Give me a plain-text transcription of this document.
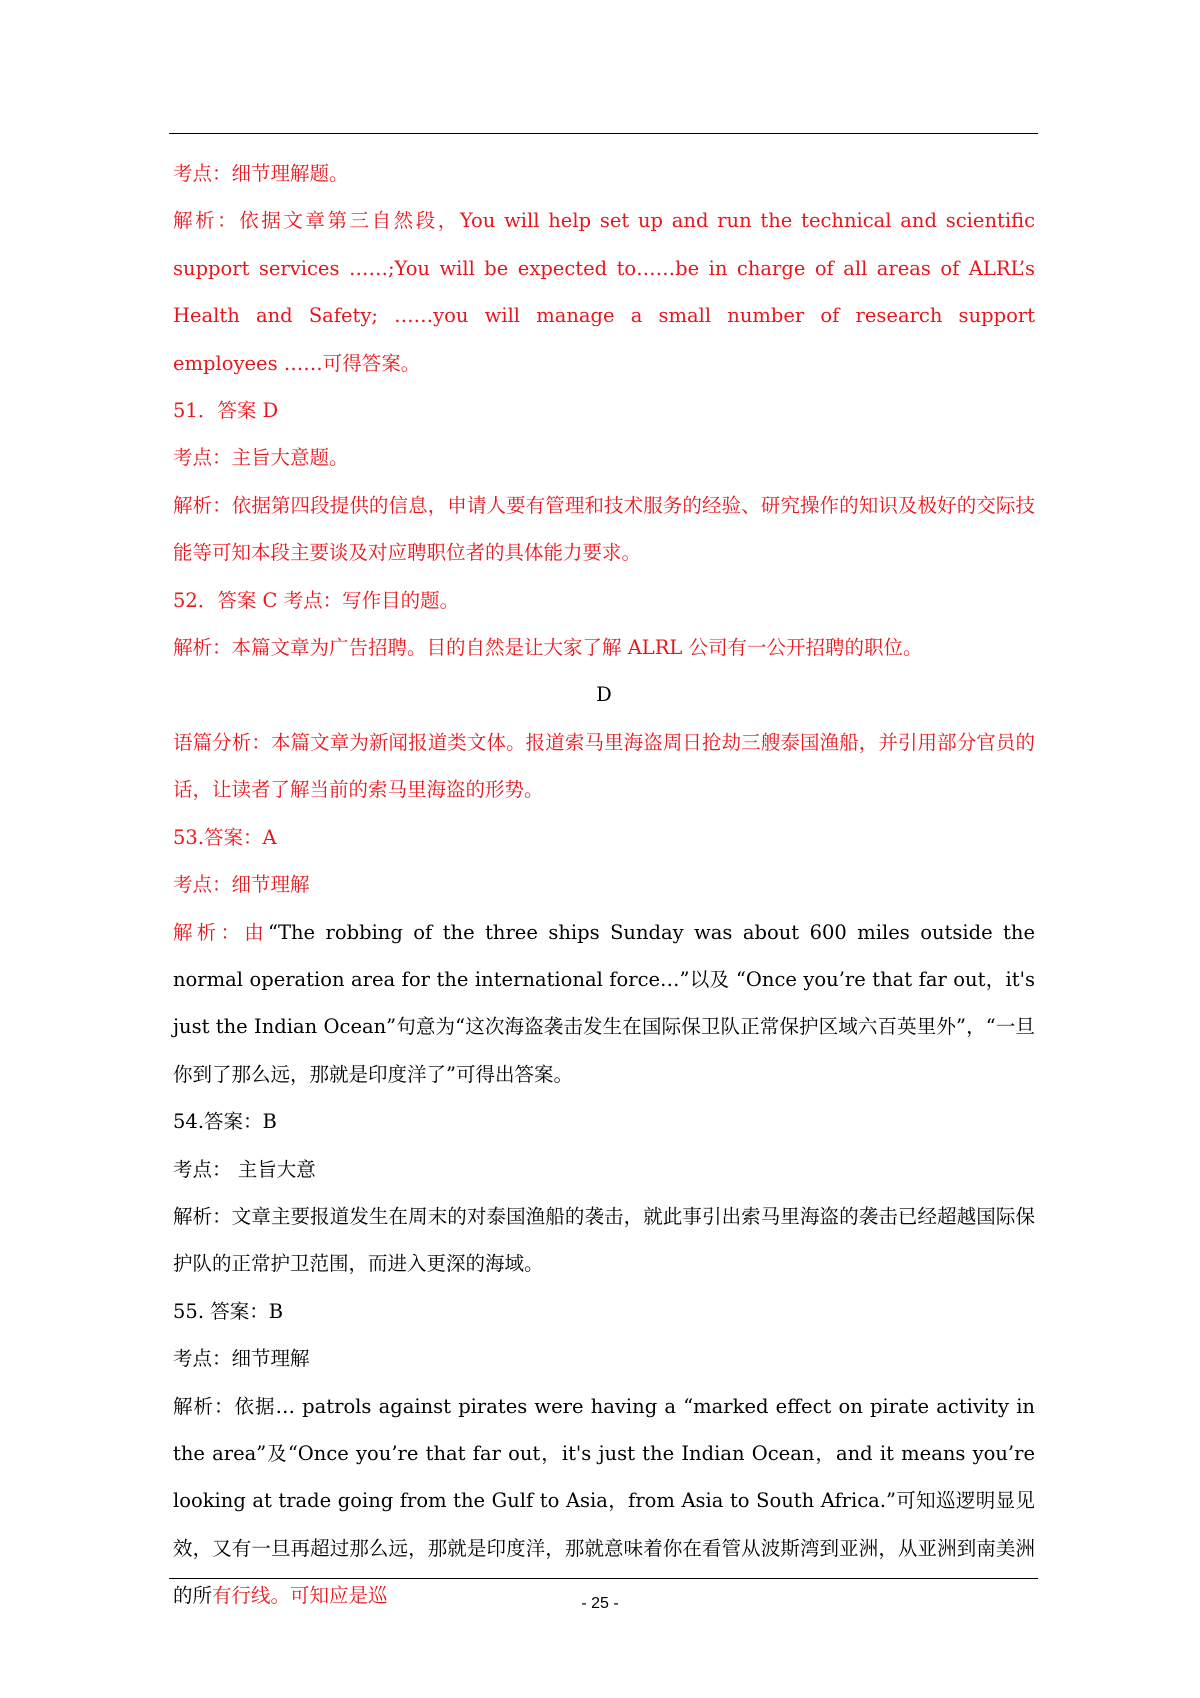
考点：细节理解题。

解析：依据文章第三自然段，You will help set up and run the technical and scientific support services ……;You will be expected to……be in charge of all areas of ALRL’s Health and Safety; ……you will manage a small number of research support employees ……可得答案。

51．答案 D

考点：主旨大意题。

解析：依据第四段提供的信息，申请人要有管理和技术服务的经验、研究操作的知识及极好的交际技能等可知本段主要谈及对应聘职位者的具体能力要求。

52．答案 C 考点：写作目的题。

解析：本篇文章为广告招聘。目的自然是让大家了解 ALRL 公司有一公开招聘的职位。

D

语篇分析：本篇文章为新闻报道类文体。报道索马里海盗周日抢劫三艘泰国渔船，并引用部分官员的话，让读者了解当前的索马里海盗的形势。

53.答案：A

考点：细节理解

解析：由“The robbing of the three ships Sunday was about 600 miles outside the normal operation area for the international force…”以及 “Once you’re that far out，it's just the Indian Ocean”句意为“这次海盗袭击发生在国际保卫队正常保护区域六百英里外”，“一旦你到了那么远，那就是印度洋了”可得出答案。

54.答案：B

考点： 主旨大意

解析：文章主要报道发生在周末的对泰国渔船的袭击，就此事引出索马里海盗的袭击已经超越国际保护队的正常护卫范围，而进入更深的海域。

55. 答案：B

考点：细节理解

解析：依据… patrols against pirates were having a “marked effect on pirate activity in the area”及“Once you’re that far out，it's just the Indian Ocean，and it means you’re looking at trade going from the Gulf to Asia，from Asia to South Africa.”可知巡逻明显见效，又有一旦再超过那么远，那就是印度洋，那就意味着你在看管从波斯湾到亚洲，从亚洲到南美洲的所有行线。可知应是巡	- 25 -
